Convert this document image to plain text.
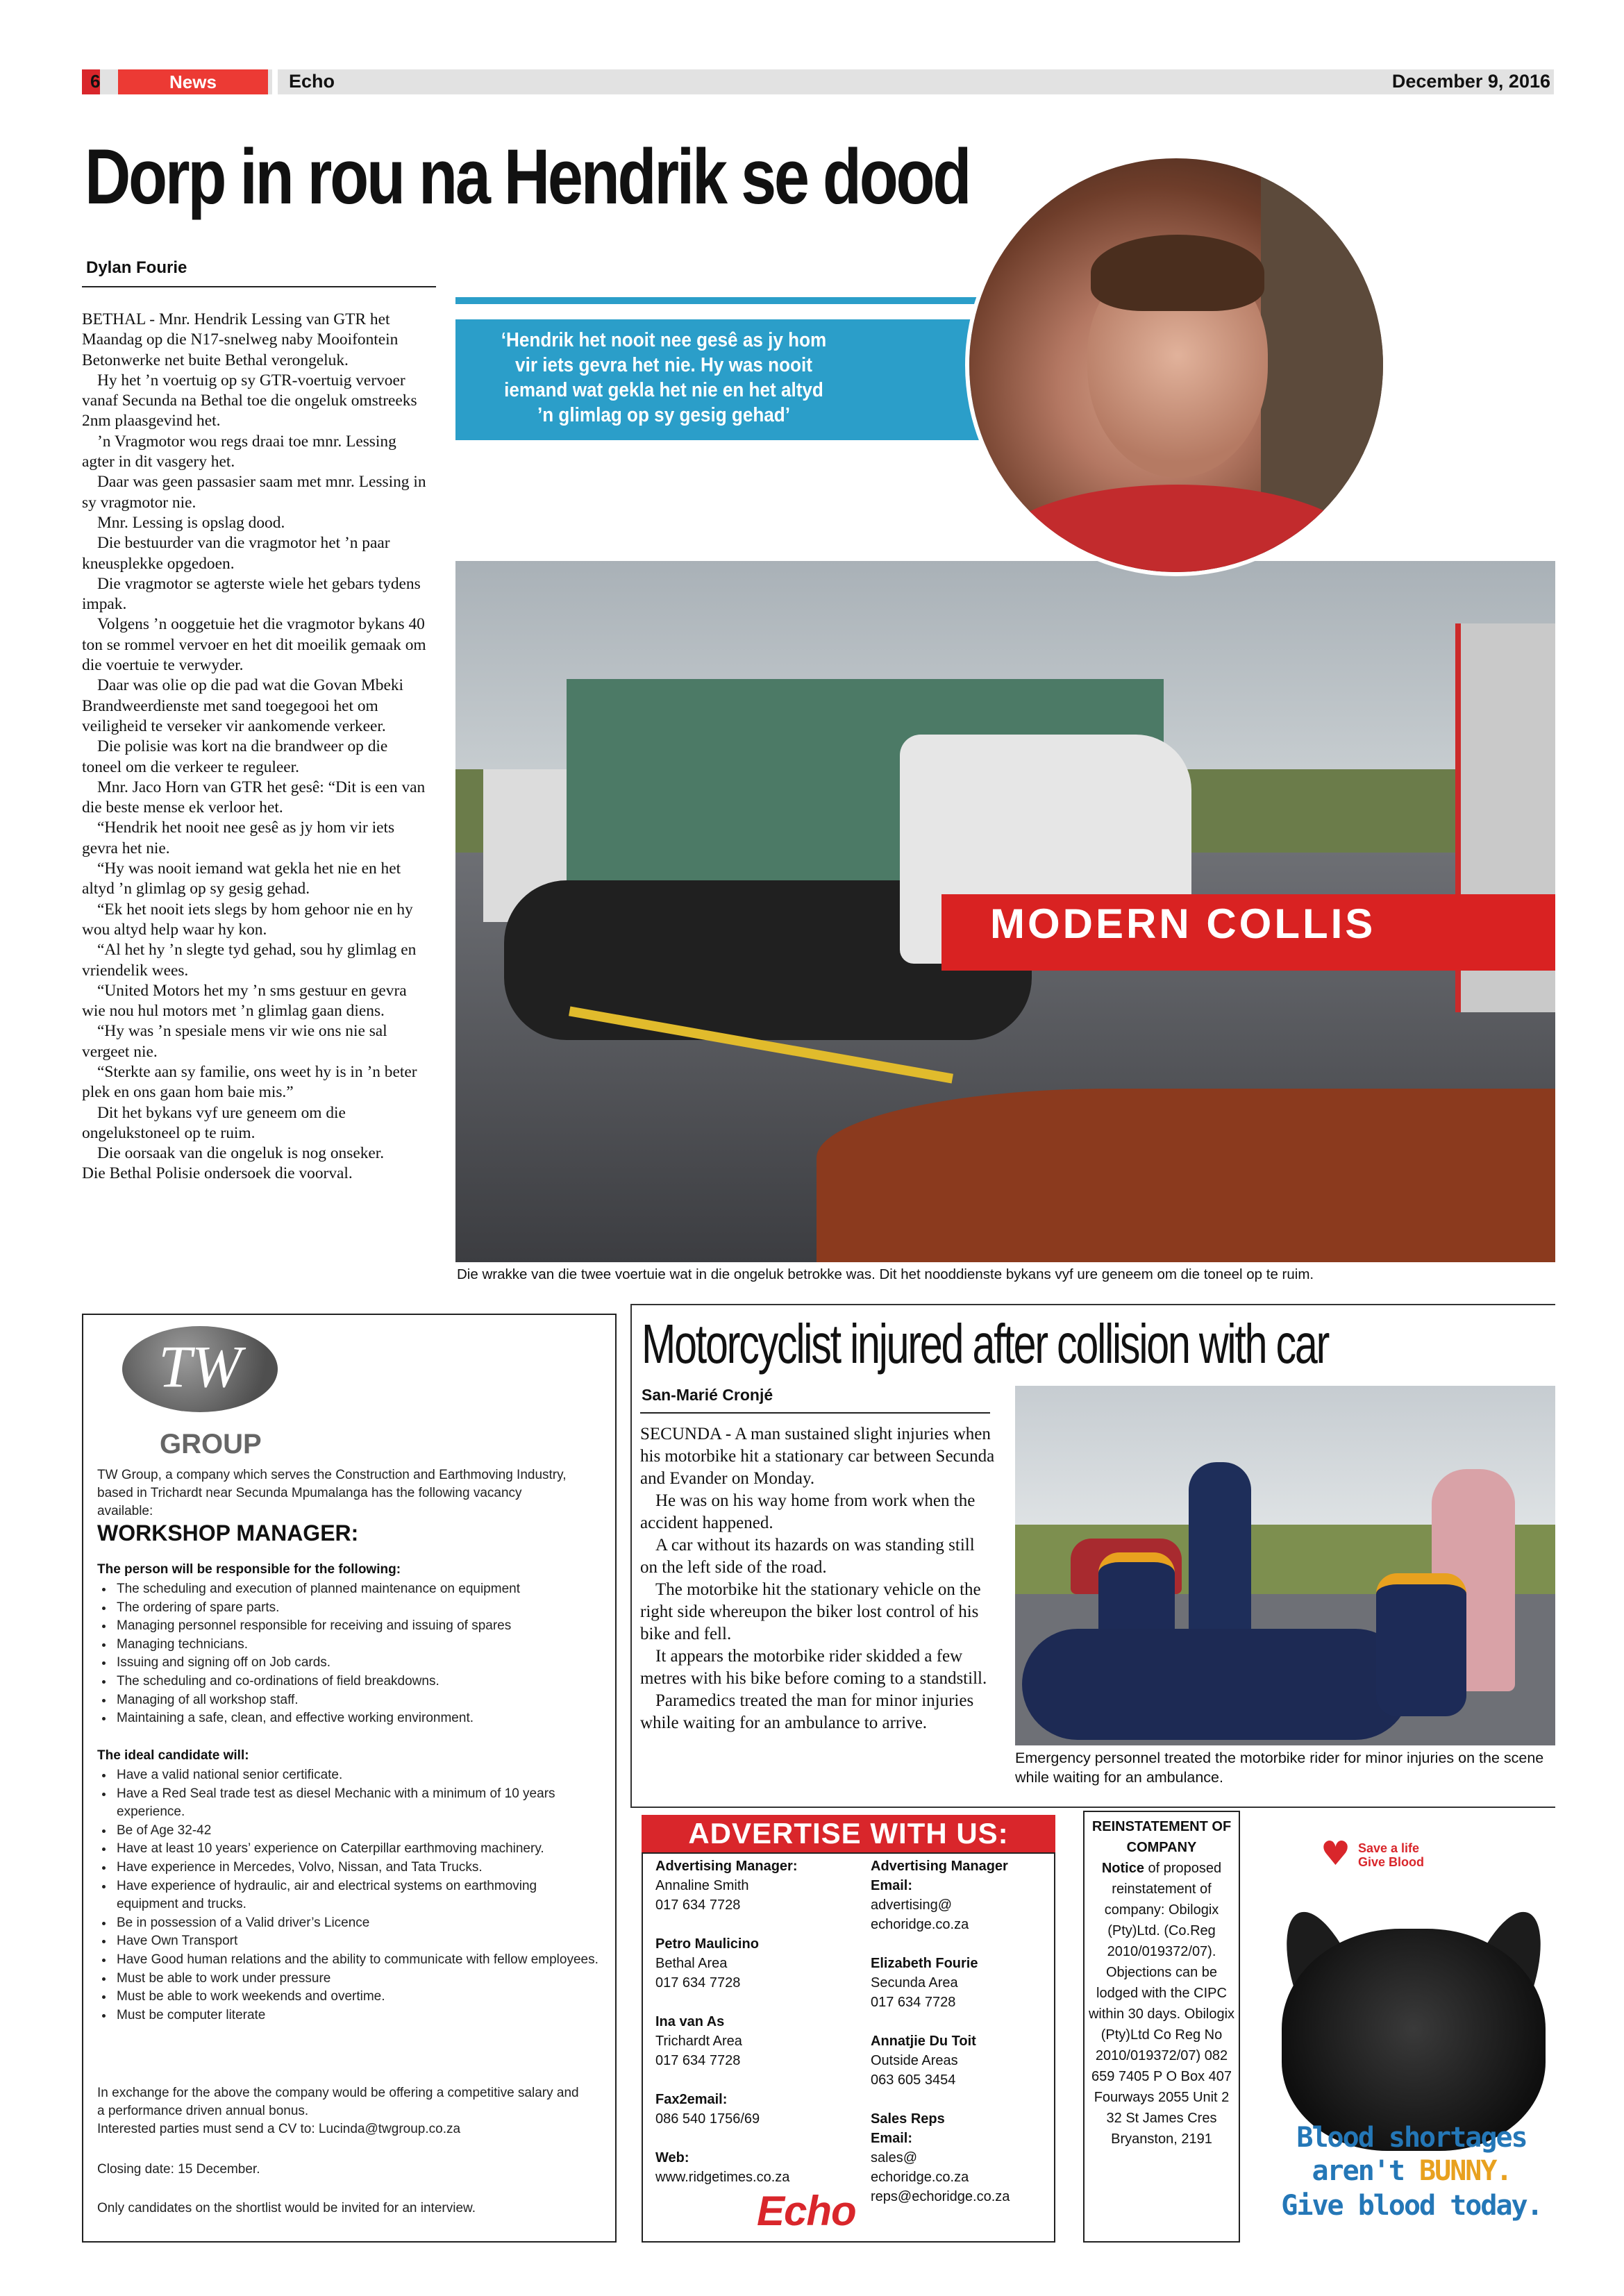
6	News	Echo	December 9, 2016
Dorp in rou na Hendrik se dood
Dylan Fourie

BETHAL - Mnr. Hendrik Lessing van GTR het Maandag op die N17-snelweg naby Mooifontein Betonwerke net buite Bethal verongeluk.

Hy het ’n voertuig op sy GTR-voertuig vervoer vanaf Secunda na Bethal toe die ongeluk omstreeks 2nm plaasgevind het.

’n Vragmotor wou regs draai toe mnr. Lessing agter in dit vasgery het.

Daar was geen passasier saam met mnr. Lessing in sy vragmotor nie.

Mnr. Lessing is opslag dood.

Die bestuurder van die vragmotor het ’n paar kneusplekke opgedoen.

Die vragmotor se agterste wiele het gebars tydens impak.

Volgens ’n ooggetuie het die vragmotor bykans 40 ton se rommel vervoer en het dit moeilik gemaak om die voertuie te verwyder.

Daar was olie op die pad wat die Govan Mbeki Brandweerdienste met sand toegegooi het om veiligheid te verseker vir aankomende verkeer.

Die polisie was kort na die brandweer op die toneel om die verkeer te reguleer.

Mnr. Jaco Horn van GTR het gesê: “Dit is een van die beste mense ek verloor het.

“Hendrik het nooit nee gesê as jy hom vir iets gevra het nie.

“Hy was nooit iemand wat gekla het nie en het altyd ’n glimlag op sy gesig gehad.

“Ek het nooit iets slegs by hom gehoor nie en hy wou altyd help waar hy kon.

“Al het hy ’n slegte tyd gehad, sou hy glimlag en vriendelik wees.

“United Motors het my ’n sms gestuur en gevra wie nou hul motors met ’n glimlag gaan diens.

“Hy was ’n spesiale mens vir wie ons nie sal vergeet nie.

“Sterkte aan sy familie, ons weet hy is in ’n beter plek en ons gaan hom baie mis.”

Dit het bykans vyf ure geneem om die ongelukstoneel op te ruim.

Die oorsaak van die ongeluk is nog onseker.

Die Bethal Polisie ondersoek die voorval.

MODERN COLLIS
‘Hendrik het nooit nee gesê as jy hom vir iets gevra het nie. Hy was nooit iemand wat gekla het nie en het altyd ’n glimlag op sy gesig gehad’
Die wrakke van die twee voertuie wat in die ongeluk betrokke was. Dit het nooddienste bykans vyf ure geneem om die toneel op te ruim.
TW
GROUP
TW Group, a company which serves the Construction and Earthmoving Industry, based in Trichardt near Secunda Mpumalanga has the following vacancy available:
WORKSHOP MANAGER:
The person will be responsible for the following:
• The scheduling and execution of planned maintenance on equipment
• The ordering of spare parts.
• Managing personnel responsible for receiving and issuing of spares
• Managing technicians.
• Issuing and signing off on Job cards.
• The scheduling and co-ordinations of field breakdowns.
• Managing of all workshop staff.
• Maintaining a safe, clean, and effective working environment.
The ideal candidate will:
• Have a valid national senior certificate.
• Have a Red Seal trade test as diesel Mechanic with a minimum of 10 years experience.
• Be of Age 32-42
• Have at least 10 years’ experience on Caterpillar earthmoving machinery.
• Have experience in Mercedes, Volvo, Nissan, and Tata Trucks.
• Have experience of hydraulic, air and electrical systems on earthmoving equipment and trucks.
• Be in possession of a Valid driver’s Licence
• Have Own Transport
• Have Good human relations and the ability to communicate with fellow employees.
• Must be able to work under pressure
• Must be able to work weekends and overtime.
• Must be computer literate
In exchange for the above the company would be offering a competitive salary and a performance driven annual bonus.
Interested parties must send a CV to: Lucinda@twgroup.co.za
Closing date: 15 December.
Only candidates on the shortlist would be invited for an interview.
Motorcyclist injured after collision with car
San-Marié Cronjé

SECUNDA - A man sustained slight injuries when his motorbike hit a stationary car between Secunda and Evander on Monday.

He was on his way home from work when the accident happened.

A car without its hazards on was standing still on the left side of the road.

The motorbike hit the stationary vehicle on the right side whereupon the biker lost control of his bike and fell.

It appears the motorbike rider skidded a few metres with his bike before coming to a standstill.

Paramedics treated the man for minor injuries while waiting for an ambulance to arrive.

Emergency personnel treated the motorbike rider for minor injuries on the scene while waiting for an ambulance.
ADVERTISE WITH US:
Advertising Manager:
Annaline Smith
017 634 7728
Petro Maulicino
Bethal Area
017 634 7728
Ina van As
Trichardt Area
017 634 7728
Fax2email:
086 540 1756/69
Web:
www.ridgetimes.co.za
Advertising Manager
Email:
advertising@
echoridge.co.za
Elizabeth Fourie
Secunda Area
017 634 7728
Annatjie Du Toit
Outside Areas
063 605 3454
Sales Reps
Email:
sales@
echoridge.co.za
reps@echoridge.co.za
Echo
REINSTATEMENT OF COMPANY
Notice of proposed reinstatement of company: Obilogix (Pty)Ltd. (Co.Reg 2010/019372/07). Objections can be lodged with the CIPC within 30 days. Obilogix (Pty)Ltd Co Reg No 2010/019372/07) 082 659 7405 P O Box 407 Fourways 2055 Unit 2 32 St James Cres Bryanston, 2191
♥ Save a life
Give Blood
Blood shortages
aren't BUNNY.
Give blood today.
